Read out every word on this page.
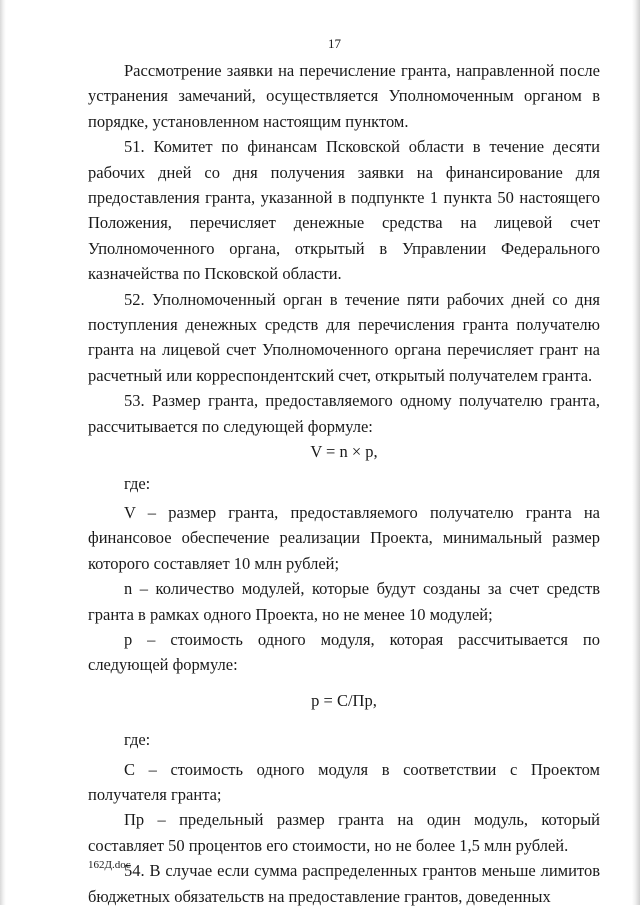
17

Рассмотрение заявки на перечисление гранта, направленной после устранения замечаний, осуществляется Уполномоченным органом в порядке, установленном настоящим пунктом.

51. Комитет по финансам Псковской области в течение десяти рабочих дней со дня получения заявки на финансирование для предоставления гранта, указанной в подпункте 1 пункта 50 настоящего Положения, перечисляет денежные средства на лицевой счет Уполномоченного органа, открытый в Управлении Федерального казначейства по Псковской области.

52. Уполномоченный орган в течение пяти рабочих дней со дня поступления денежных средств для перечисления гранта получателю гранта на лицевой счет Уполномоченного органа перечисляет грант на расчетный или корреспондентский счет, открытый получателем гранта.

53. Размер гранта, предоставляемого одному получателю гранта, рассчитывается по следующей формуле:

V = n × p,

где:

V – размер гранта, предоставляемого получателю гранта на финансовое обеспечение реализации Проекта, минимальный размер которого составляет 10 млн рублей;

n – количество модулей, которые будут созданы за счет средств гранта в рамках одного Проекта, но не менее 10 модулей;

p – стоимость одного модуля, которая рассчитывается по следующей формуле:

p = С/Пр,

где:

С – стоимость одного модуля в соответствии с Проектом получателя гранта;

Пр – предельный размер гранта на один модуль, который составляет 50 процентов его стоимости, но не более 1,5 млн рублей.

54. В случае если сумма распределенных грантов меньше лимитов бюджетных обязательств на предоставление грантов, доведенных

162Д.doc
